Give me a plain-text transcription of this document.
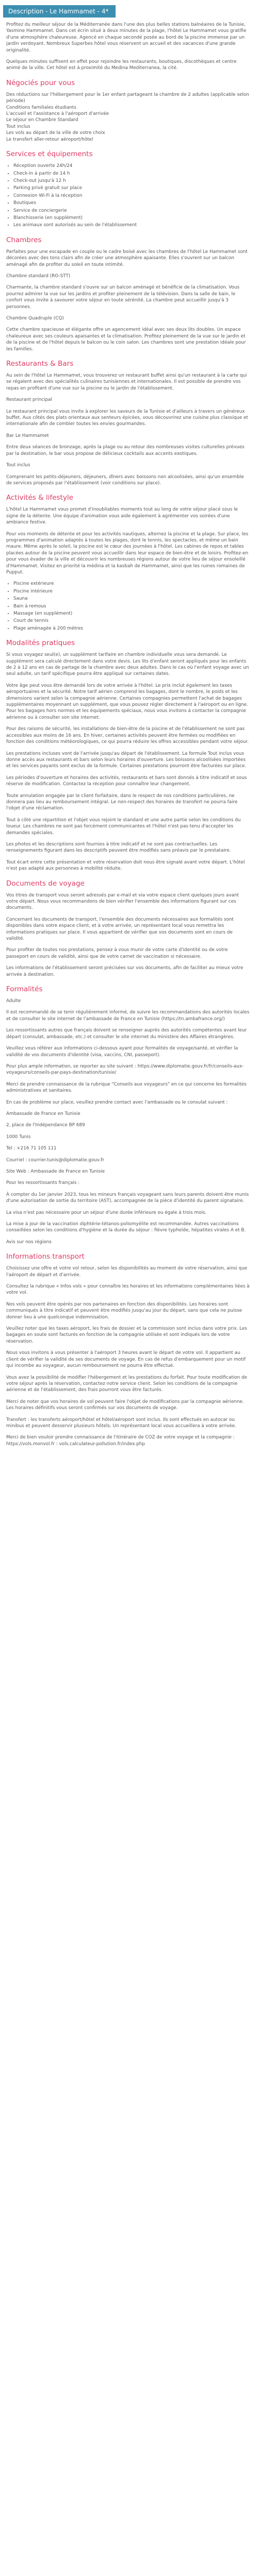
Description - Le Hammamet - 4*

Profitez du meilleur séjour de la Méditerranée dans l'une des plus belles stations balnéaires de la Tunisie, Yasmine Hammamet. Dans cet écrin situé à deux minutes de la plage, l'hôtel Le Hammamet vous gratifie d'une atmosphère chaleureuse. Agencé en chaque secondé posée au bord de la piscine immense par un jardin verdoyant. Nombreux Superbes hôtel vous réservent un accueil et des vacances d'une grande originalité.

Quelques minutes suffisent en effet pour rejoindre les restaurants, boutiques, discothèques et centre animé de la ville. Cet hôtel est à proximité du Medina Mediterranea, la cité.

Négociés pour vous

Des réductions sur l'hébergement pour le 1er enfant partageant la chambre de 2 adultes (applicable selon période)
Conditions familiales étudiants
L'accueil et l'assistance à l'aéroport d'arrivée
Le séjour en Chambre Standard
Tout inclus
Les vols au départ de la ville de votre choix
Le transfert aller-retour aéroport/hôtel

Services et équipements
• Réception ouverte 24h/24
• Check-in à partir de 14 h
• Check-out jusqu'à 12 h
• Parking privé gratuit sur place
• Connexion Wi-Fi à la réception
• Boutiques
• Service de conciergerie
• Blanchisserie (en supplément)
• Les animaux sont autorisés au sein de l'établissement
Chambres

Parfaites pour une escapade en couple ou le cadre boisé avec les chambres de l'hôtel Le Hammamet sont décorées avec des tons clairs afin de créer une atmosphère apaisante. Elles s'ouvrent sur un balcon aménagé afin de profiter du soleil en toute intimité.

Chambre standard (RO-STT)

Charmante, la chambre standard s'ouvre sur un balcon aménagé et bénéficie de la climatisation. Vous pourrez admirer la vue sur les jardins et profiter pleinement de la télévision. Dans la salle de bain, le confort vous invite à savourer votre séjour en toute sérénité. La chambre peut accueillir jusqu'à 3 personnes.

Chambre Quadruple (CQ)

Cette chambre spacieuse et élégante offre un agencement idéal avec ses deux lits doubles. Un espace chaleureux avec ses couleurs apaisantes et la climatisation. Profitez pleinement de la vue sur le jardin et de la piscine et de l'hôtel depuis le balcon ou le coin salon. Les chambres sont une prestation idéale pour les familles.

Restaurants & Bars

Au sein de l'hôtel Le Hammamet, vous trouverez un restaurant buffet ainsi qu'un restaurant à la carte qui se régalent avec des spécialités culinaires tunisiennes et internationales. Il est possible de prendre vos repas en profitant d'une vue sur la piscine ou le jardin de l'établissement.

Restaurant principal

Le restaurant principal vous invite à explorer les saveurs de la Tunisie et d'ailleurs à travers un généreux buffet. Aux côtés des plats orientaux aux senteurs épicées, vous découvrirez une cuisine plus classique et internationale afin de combler toutes les envies gourmandes.

Bar Le Hammamet

Entre deux séances de bronzage, après la plage ou au retour des nombreuses visites culturelles prévues par la destination, le bar vous propose de délicieux cocktails aux accents exotiques.

Tout inclus

Comprenant les petits-déjeuners, déjeuners, dîners avec boissons non alcoolisées, ainsi qu'un ensemble de services proposés par l'établissement (voir conditions sur place).

Activités & lifestyle

L'hôtel Le Hammamet vous promet d'inoubliables moments tout au long de votre séjour placé sous le signe de la détente. Une équipe d'animation vous aide également à agrémenter vos soirées d'une ambiance festive.

Pour vos moments de détente et pour les activités nautiques, alternez la piscine et la plage. Sur place, les programmes d'animation adaptés à toutes les plages, dont le tennis, les spectacles, et même un bain maure. Même après le soleil, la piscine est le cœur des journées à l'hôtel. Les cabines de repos et tables placées autour de la piscine peuvent vous accueillir dans leur espace de bien-être et de loisirs. Profitez-en pour vous évader de la ville et découvrir les nombreuses régions autour de votre lieu de séjour ensoleillé d'Hammamet. Visitez en priorité la médina et la kasbah de Hammamet, ainsi que les ruines romaines de Pupput.

• Piscine extérieure
• Piscine intérieure
• Sauna
• Bain à remous
• Massage (en supplément)
• Court de tennis
• Plage aménagée à 200 mètres
Modalités pratiques

Si vous voyagez seul(e), un supplément tarifaire en chambre individuelle vous sera demandé. Le supplément sera calculé directement dans votre devis. Les lits d'enfant seront appliqués pour les enfants de 2 à 12 ans en cas de partage de la chambre avec deux adultes. Dans le cas où l'enfant voyage avec un seul adulte, un tarif spécifique pourra être appliqué sur certaines dates.

Votre âge peut vous être demandé lors de votre arrivée à l'hôtel. Le prix inclut également les taxes aéroportuaires et la sécurité. Notre tarif aérien comprend les bagages, dont le nombre, le poids et les dimensions varient selon la compagnie aérienne. Certaines compagnies permettent l'achat de bagages supplémentaires moyennant un supplément, que vous pouvez régler directement à l'aéroport ou en ligne. Pour les bagages hors normes et les équipements spéciaux, nous vous invitons à contacter la compagnie aérienne ou à consulter son site internet.

Pour des raisons de sécurité, les installations de bien-être de la piscine et de l'établissement ne sont pas accessibles aux moins de 16 ans. En hiver, certaines activités peuvent être fermées ou modifiées en fonction des conditions météorologiques, ce qui pourra réduire les offres accessibles pendant votre séjour.

Les prestations incluses vont de l'arrivée jusqu'au départ de l'établissement. La formule Tout inclus vous donne accès aux restaurants et bars selon leurs horaires d'ouverture. Les boissons alcoolisées importées et les services payants sont exclus de la formule. Certaines prestations pourront être facturées sur place.

Les périodes d'ouverture et horaires des activités, restaurants et bars sont donnés à titre indicatif et sous réserve de modification. Contactez la réception pour connaître leur changement.

Toute annulation engagée par le client forfaitaire, dans le respect de nos conditions particulières, ne donnera pas lieu au remboursement intégral. Le non-respect des horaires de transfert ne pourra faire l'objet d'une réclamation.

Tout à côté une répartition et l'objet vous rejoint le standard et une autre partie selon les conditions du loueur. Les chambres ne sont pas forcément communicantes et l'hôtel n'est pas tenu d'accepter les demandes spéciales.

Les photos et les descriptions sont fournies à titre indicatif et ne sont pas contractuelles. Les renseignements figurant dans les descriptifs peuvent être modifiés sans préavis par le prestataire.

Tout écart entre cette présentation et votre réservation doit nous être signalé avant votre départ. L'hôtel n'est pas adapté aux personnes à mobilité réduite.

Documents de voyage

Vos titres de transport vous seront adressés par e-mail et via votre espace client quelques jours avant votre départ. Nous vous recommandons de bien vérifier l'ensemble des informations figurant sur ces documents.

Concernant les documents de transport, l'ensemble des documents nécessaires aux formalités sont disponibles dans votre espace client, et à votre arrivée, un représentant local vous remettra les informations pratiques sur place. Il vous appartient de vérifier que vos documents sont en cours de validité.

Pour profiter de toutes nos prestations, pensez à vous munir de votre carte d'identité ou de votre passeport en cours de validité, ainsi que de votre carnet de vaccination si nécessaire.

Les informations de l'établissement seront précisées sur vos documents, afin de faciliter au mieux votre arrivée à destination.

Formalités

Adulte

Il est recommandé de se tenir régulièrement informé, de suivre les recommandations des autorités locales et de consulter le site internet de l'ambassade de France en Tunisie (https://tn.ambafrance.org/)

Les ressortissants autres que français doivent se renseigner auprès des autorités compétentes avant leur départ (consulat, ambassade, etc.) et consulter le site internet du ministère des Affaires étrangères.

Veuillez vous référer aux informations ci-dessous ayant pour formalités de voyage/santé, et vérifier la validité de vos documents d'identité (visa, vaccins, CNI, passeport).

Pour plus ample information, se reporter au site suivant : https://www.diplomatie.gouv.fr/fr/conseils-aux-voyageurs/conseils-par-pays-destination/tunisie/

Merci de prendre connaissance de la rubrique "Conseils aux voyageurs" en ce qui concerne les formalités administratives et sanitaires.

En cas de problème sur place, veuillez prendre contact avec l'ambassade ou le consulat suivant :

Ambassade de France en Tunisie

2, place de l'Indépendance BP 689

1000 Tunis

Tel : +216 71 105 111

Courriel : courrier.tunis@diplomatie.gouv.fr

Site Web : Ambassade de France en Tunisie

Pour les ressortissants français :

À compter du 1er janvier 2023, tous les mineurs français voyageant sans leurs parents doivent être munis d'une autorisation de sortie du territoire (AST), accompagnée de la pièce d'identité du parent signataire.

La visa n'est pas nécessaire pour un séjour d'une durée inférieure ou égale à trois mois.

La mise à jour de la vaccination diphtérie-tétanos-poliomyélite est recommandée. Autres vaccinations conseillées selon les conditions d'hygiène et la durée du séjour : fièvre typhoïde, hépatites virales A et B.

Avis sur nos régions

Informations transport

Choisissez une offre et votre vol retour, selon les disponibilités au moment de votre réservation, ainsi que l'aéroport de départ et d'arrivée.

Consultez la rubrique « Infos vols » pour connaître les horaires et les informations complémentaires liées à votre vol.

Nos vols peuvent être opérés par nos partenaires en fonction des disponibilités. Les horaires sont communiqués à titre indicatif et peuvent être modifiés jusqu'au jour du départ, sans que cela ne puisse donner lieu à une quelconque indemnisation.

Veuillez noter que les taxes aéroport, les frais de dossier et la commission sont inclus dans votre prix. Les bagages en soute sont facturés en fonction de la compagnie utilisée et sont indiqués lors de votre réservation.

Nous vous invitons à vous présenter à l'aéroport 3 heures avant le départ de votre vol. Il appartient au client de vérifier la validité de ses documents de voyage. En cas de refus d'embarquement pour un motif qui incombe au voyageur, aucun remboursement ne pourra être effectué.

Vous avez la possibilité de modifier l'hébergement et les prestations du forfait. Pour toute modification de votre séjour après la réservation, contactez notre service client. Selon les conditions de la compagnie aérienne et de l'établissement, des frais pourront vous être facturés.

Merci de noter que vos horaires de vol peuvent faire l'objet de modifications par la compagnie aérienne. Les horaires définitifs vous seront confirmés sur vos documents de voyage.

Transfert : les transferts aéroport/hôtel et hôtel/aéroport sont inclus. Ils sont effectués en autocar ou minibus et peuvent desservir plusieurs hôtels. Un représentant local vous accueillera à votre arrivée.

Merci de bien vouloir prendre connaissance de l'itinéraire de COZ de votre voyage et la compagnie : https://vols.monvol.fr : vols.calculateur-pollution.fr/index.php
